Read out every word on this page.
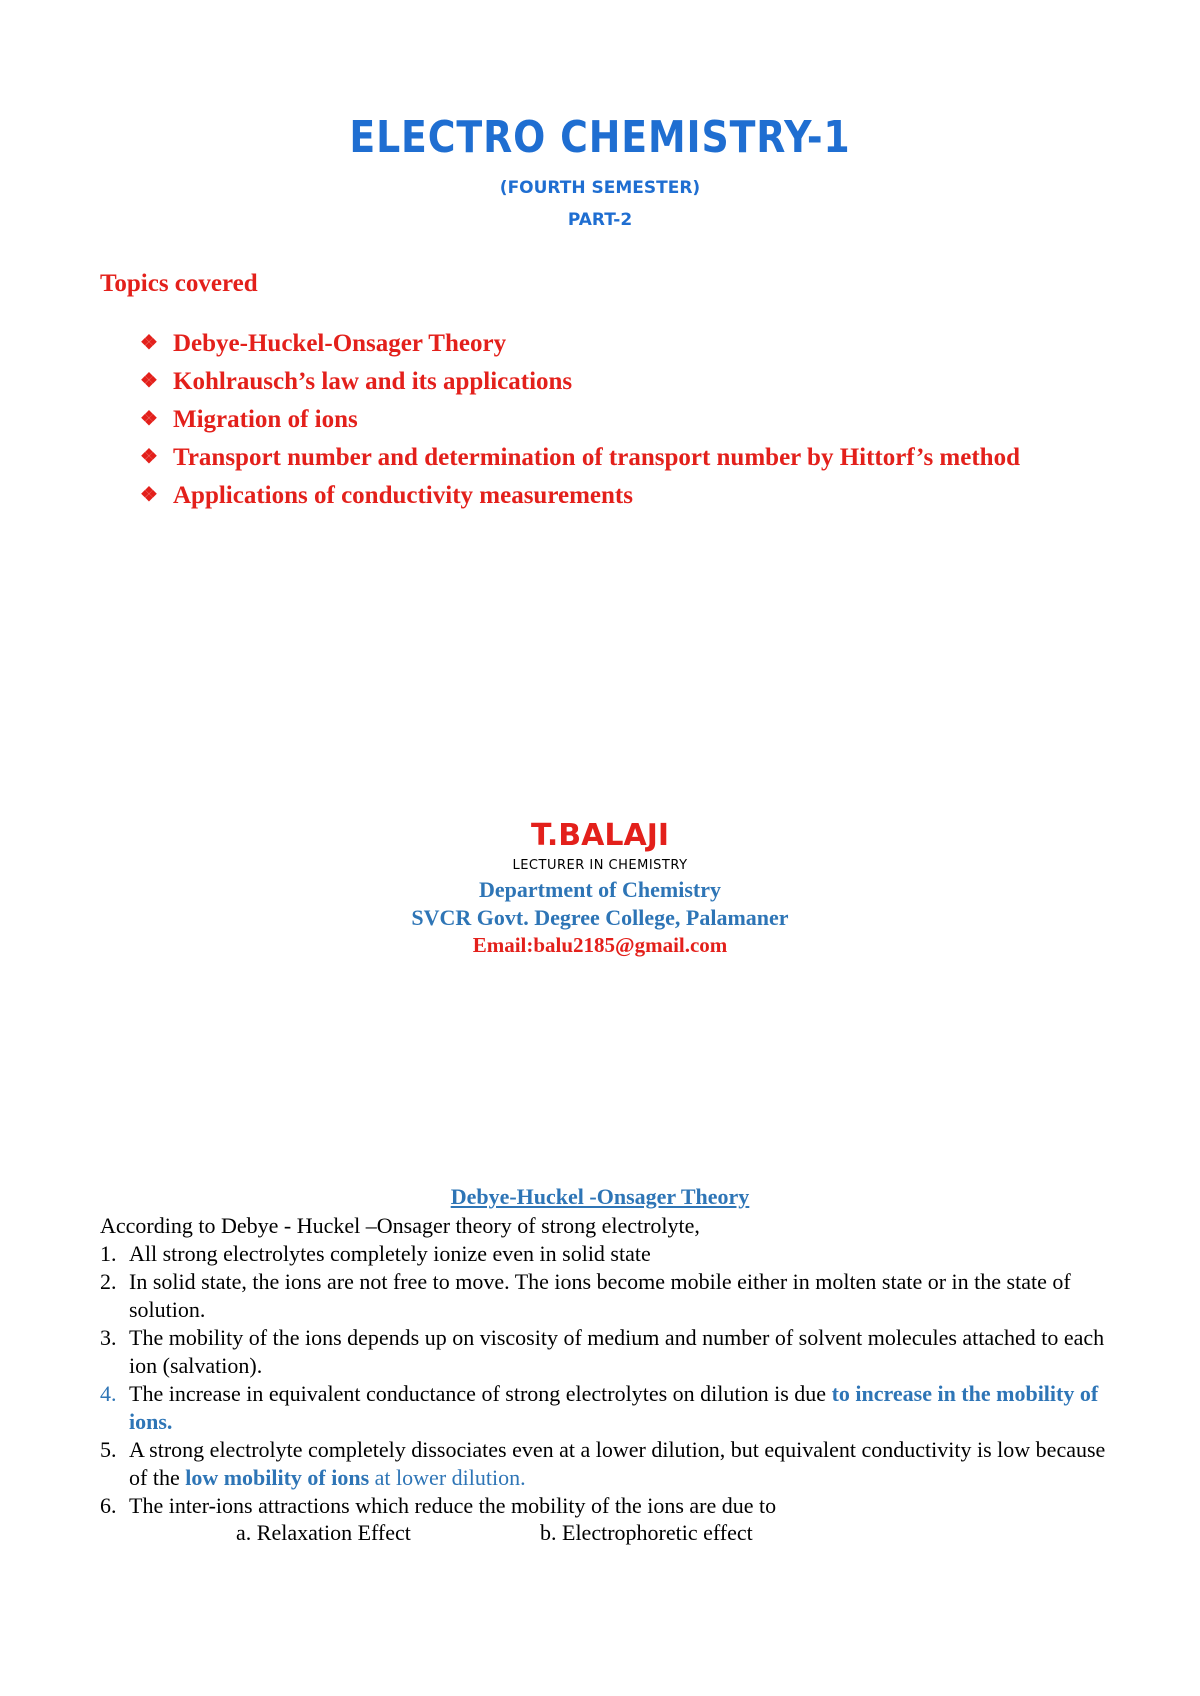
ELECTRO CHEMISTRY-1
(FOURTH SEMESTER)
PART-2
Topics covered
❖ Debye-Huckel-Onsager Theory
❖ Kohlrausch’s law and its applications
❖ Migration of ions
❖ Transport number and determination of transport number by Hittorf’s method
❖ Applications of conductivity measurements
T.BALAJI
LECTURER IN CHEMISTRY
Department of Chemistry
SVCR Govt. Degree College, Palamaner
Email:balu2185@gmail.com
Debye-Huckel -Onsager Theory
According to Debye - Huckel –Onsager theory of strong electrolyte,
1. All strong electrolytes completely ionize even in solid state
2. In solid state, the ions are not free to move. The ions become mobile either in molten state or in the state of solution.
3. The mobility of the ions depends up on viscosity of medium and number of solvent molecules attached to each ion (salvation).
4. The increase in equivalent conductance of strong electrolytes on dilution is due to increase in the mobility of ions.
5. A strong electrolyte completely dissociates even at a lower dilution, but equivalent conductivity is low because of the low mobility of ions at lower dilution.
6. The inter-ions attractions which reduce the mobility of the ions are due to
a. Relaxation Effect	b. Electrophoretic effect
